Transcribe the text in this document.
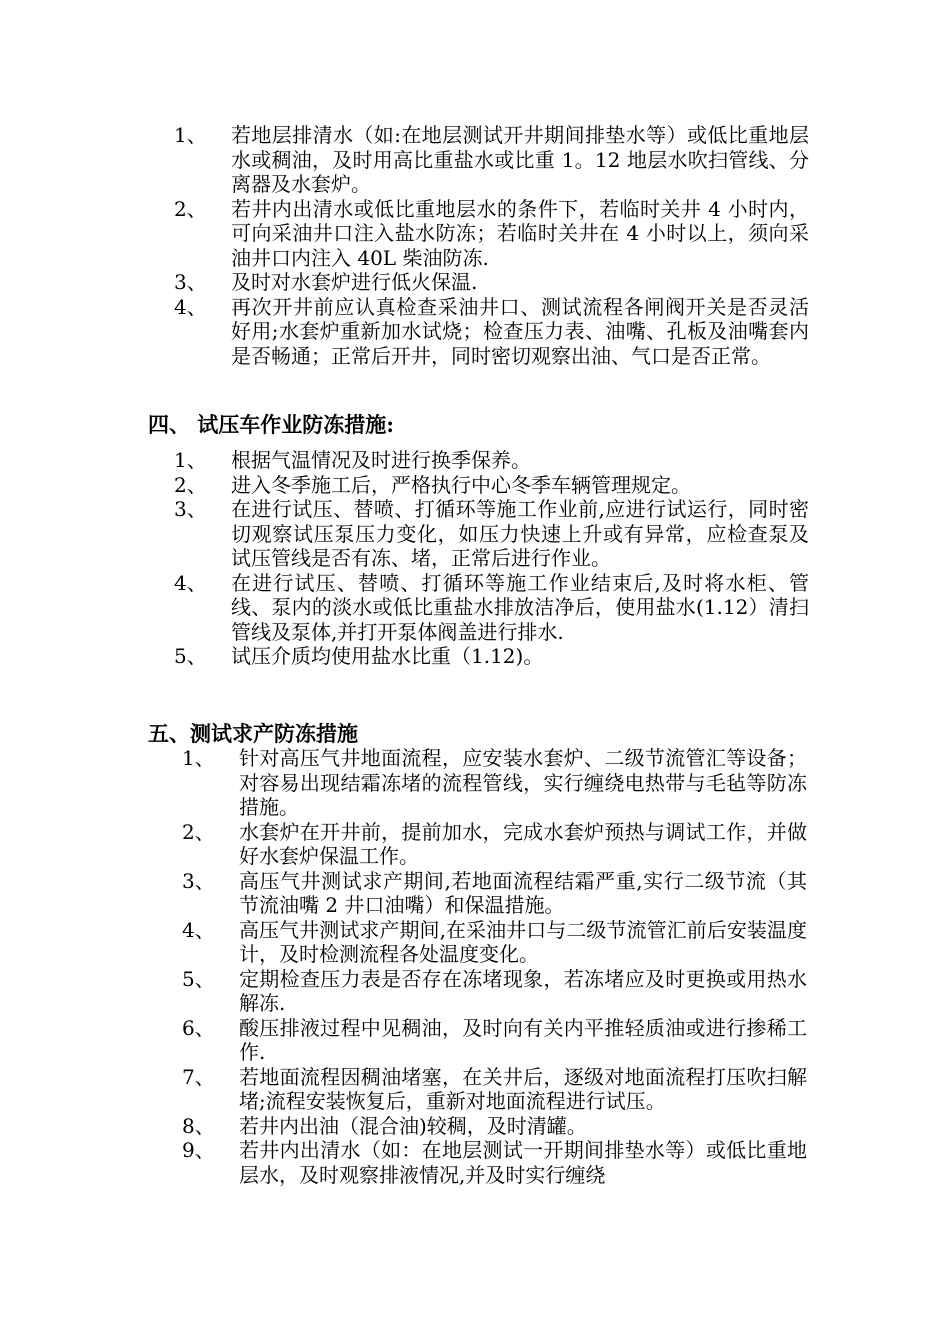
1、	若地层排清水（如:在地层测试开井期间排垫水等）或低比重地层水或稠油，及时用高比重盐水或比重 1。12 地层水吹扫管线、分离器及水套炉。
2、	若井内出清水或低比重地层水的条件下，若临时关井 4 小时内，可向采油井口注入盐水防冻；若临时关井在 4 小时以上，须向采油井口内注入 40L 柴油防冻.
3、	及时对水套炉进行低火保温.
4、	再次开井前应认真检查采油井口、测试流程各闸阀开关是否灵活好用;水套炉重新加水试烧；检查压力表、油嘴、孔板及油嘴套内是否畅通；正常后开井，同时密切观察出油、气口是否正常。
四、 试压车作业防冻措施:
1、	根据气温情况及时进行换季保养。
2、	进入冬季施工后，严格执行中心冬季车辆管理规定。
3、	在进行试压、替喷、打循环等施工作业前,应进行试运行，同时密切观察试压泵压力变化，如压力快速上升或有异常，应检查泵及试压管线是否有冻、堵，正常后进行作业。
4、	在进行试压、替喷、打循环等施工作业结束后,及时将水柜、管线、泵内的淡水或低比重盐水排放洁净后，使用盐水(1.12）清扫管线及泵体,并打开泵体阀盖进行排水.
5、	试压介质均使用盐水比重（1.12)。
五、测试求产防冻措施
1、	针对高压气井地面流程，应安装水套炉、二级节流管汇等设备；对容易出现结霜冻堵的流程管线，实行缠绕电热带与毛毡等防冻措施。
2、	水套炉在开井前，提前加水，完成水套炉预热与调试工作，并做好水套炉保温工作。
3、	高压气井测试求产期间,若地面流程结霜严重,实行二级节流（其节流油嘴 2 井口油嘴）和保温措施。
4、	高压气井测试求产期间,在采油井口与二级节流管汇前后安装温度计，及时检测流程各处温度变化。
5、	定期检查压力表是否存在冻堵现象，若冻堵应及时更换或用热水解冻.
6、	酸压排液过程中见稠油，及时向有关内平推轻质油或进行掺稀工作.
7、	若地面流程因稠油堵塞，在关井后，逐级对地面流程打压吹扫解堵;流程安装恢复后，重新对地面流程进行试压。
8、	若井内出油（混合油)较稠，及时清罐。
9、	若井内出清水（如：在地层测试一开期间排垫水等）或低比重地层水，及时观察排液情况,并及时实行缠绕
